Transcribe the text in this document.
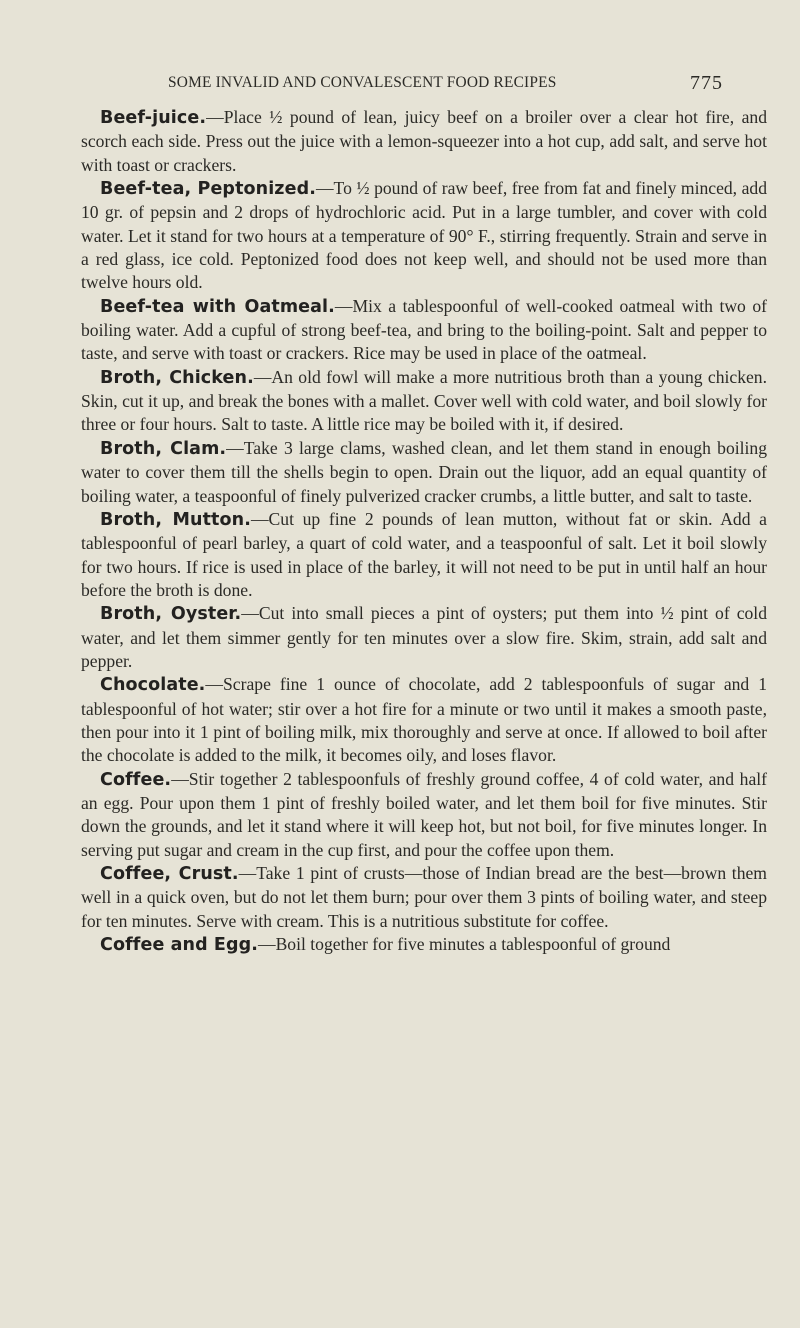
SOME INVALID AND CONVALESCENT FOOD RECIPES	775

Beef-juice.—Place ½ pound of lean, juicy beef on a broiler over a clear hot fire, and scorch each side. Press out the juice with a lemon-squeezer into a hot cup, add salt, and serve hot with toast or crackers.

Beef-tea, Peptonized.—To ½ pound of raw beef, free from fat and finely minced, add 10 gr. of pepsin and 2 drops of hydrochloric acid. Put in a large tumbler, and cover with cold water. Let it stand for two hours at a temperature of 90° F., stirring frequently. Strain and serve in a red glass, ice cold. Peptonized food does not keep well, and should not be used more than twelve hours old.

Beef-tea with Oatmeal.—Mix a tablespoonful of well-cooked oatmeal with two of boiling water. Add a cupful of strong beef-tea, and bring to the boiling-point. Salt and pepper to taste, and serve with toast or crackers. Rice may be used in place of the oatmeal.

Broth, Chicken.—An old fowl will make a more nutritious broth than a young chicken. Skin, cut it up, and break the bones with a mallet. Cover well with cold water, and boil slowly for three or four hours. Salt to taste. A little rice may be boiled with it, if desired.

Broth, Clam.—Take 3 large clams, washed clean, and let them stand in enough boiling water to cover them till the shells begin to open. Drain out the liquor, add an equal quantity of boiling water, a teaspoonful of finely pulverized cracker crumbs, a little butter, and salt to taste.

Broth, Mutton.—Cut up fine 2 pounds of lean mutton, without fat or skin. Add a tablespoonful of pearl barley, a quart of cold water, and a teaspoonful of salt. Let it boil slowly for two hours. If rice is used in place of the barley, it will not need to be put in until half an hour before the broth is done.

Broth, Oyster.—Cut into small pieces a pint of oysters; put them into ½ pint of cold water, and let them simmer gently for ten minutes over a slow fire. Skim, strain, add salt and pepper.

Chocolate.—Scrape fine 1 ounce of chocolate, add 2 tablespoonfuls of sugar and 1 tablespoonful of hot water; stir over a hot fire for a minute or two until it makes a smooth paste, then pour into it 1 pint of boiling milk, mix thoroughly and serve at once. If allowed to boil after the chocolate is added to the milk, it becomes oily, and loses flavor.

Coffee.—Stir together 2 tablespoonfuls of freshly ground coffee, 4 of cold water, and half an egg. Pour upon them 1 pint of freshly boiled water, and let them boil for five minutes. Stir down the grounds, and let it stand where it will keep hot, but not boil, for five minutes longer. In serving put sugar and cream in the cup first, and pour the coffee upon them.

Coffee, Crust.—Take 1 pint of crusts—those of Indian bread are the best—brown them well in a quick oven, but do not let them burn; pour over them 3 pints of boiling water, and steep for ten minutes. Serve with cream. This is a nutritious substitute for coffee.

Coffee and Egg.—Boil together for five minutes a tablespoonful of ground
